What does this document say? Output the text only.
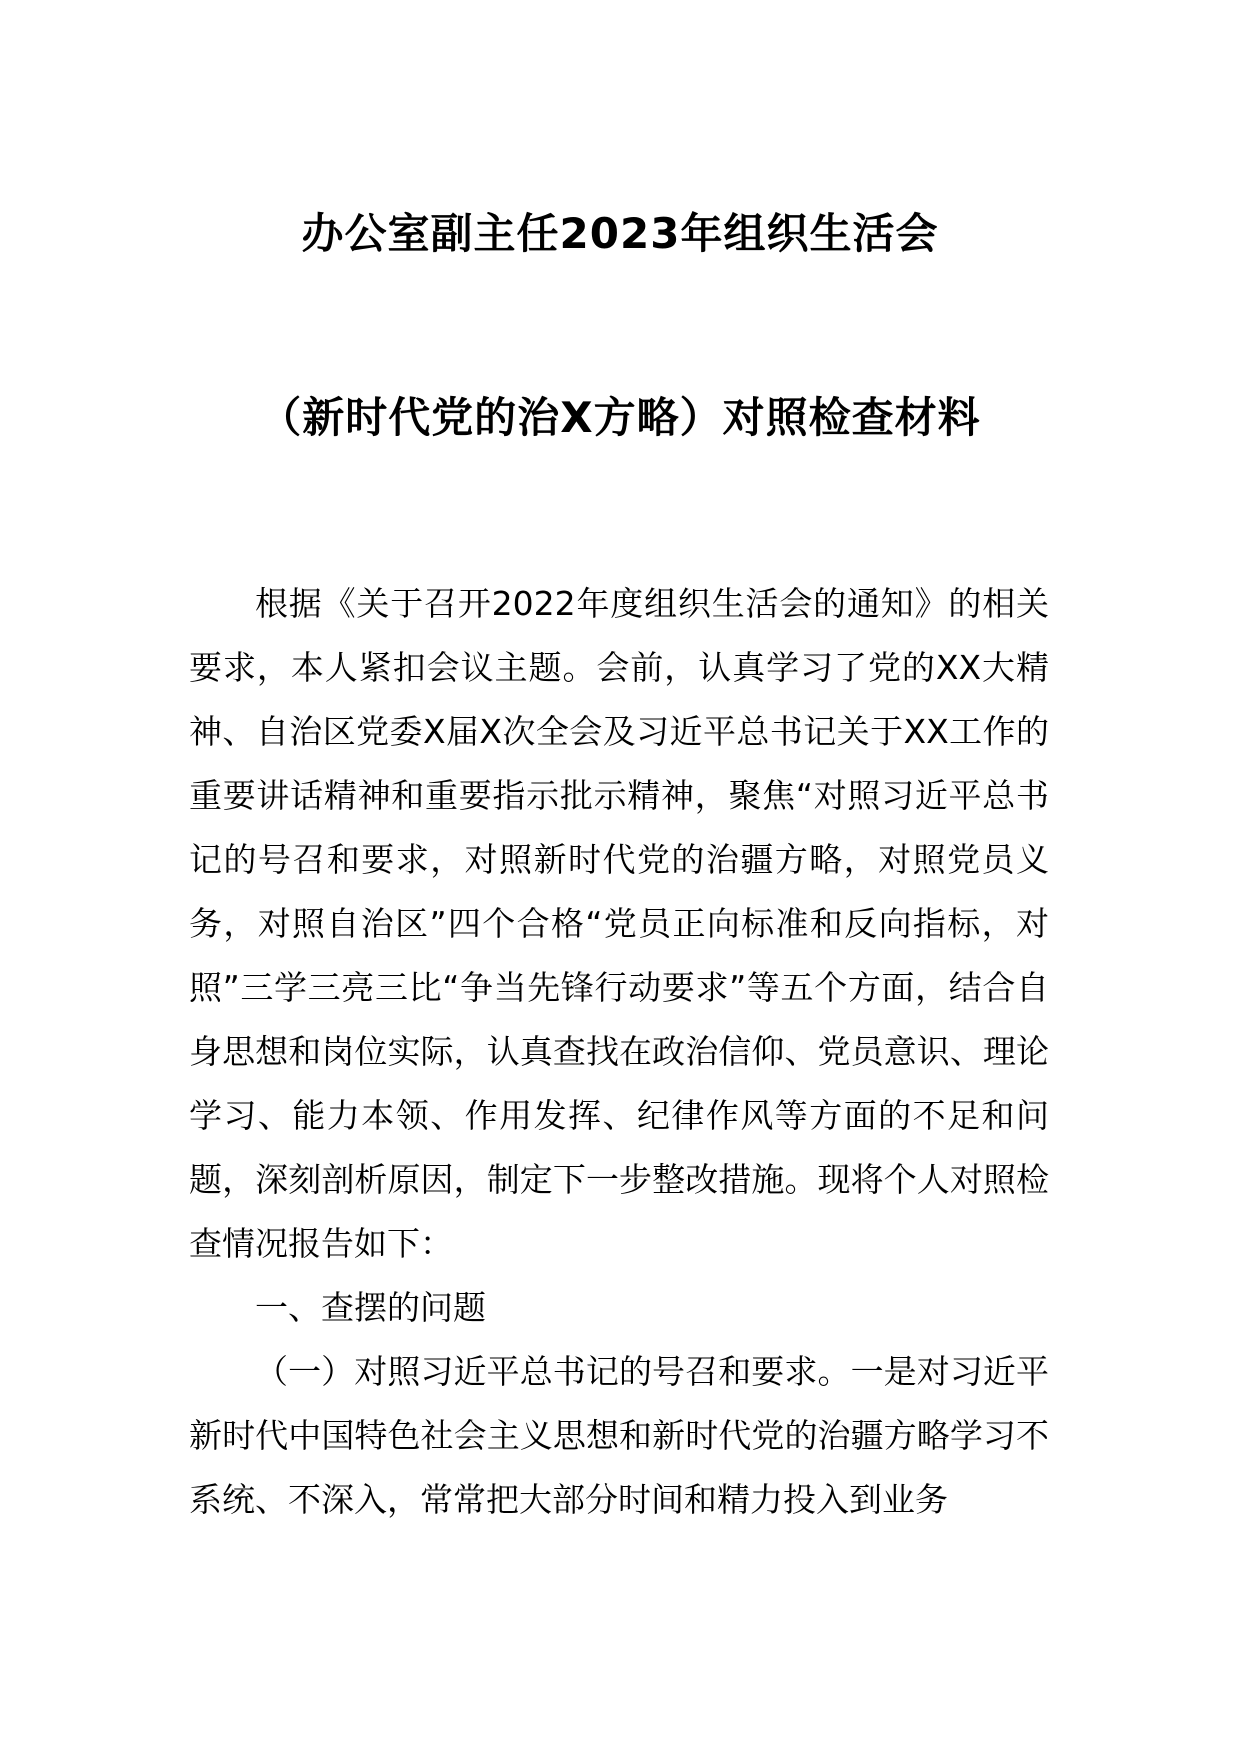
办公室副主任2023年组织生活会
（新时代党的治X方略）对照检查材料
根据《关于召开2022年度组织生活会的通知》的相关要求，本人紧扣会议主题。会前，认真学习了党的XX大精神、自治区党委X届X次全会及习近平总书记关于XX工作的重要讲话精神和重要指示批示精神，聚焦“对照习近平总书记的号召和要求，对照新时代党的治疆方略，对照党员义务，对照自治区”四个合格“党员正向标准和反向指标，对照”三学三亮三比“争当先锋行动要求”等五个方面，结合自身思想和岗位实际，认真查找在政治信仰、党员意识、理论学习、能力本领、作用发挥、纪律作风等方面的不足和问题，深刻剖析原因，制定下一步整改措施。现将个人对照检查情况报告如下：
一、查摆的问题
（一）对照习近平总书记的号召和要求。一是对习近平新时代中国特色社会主义思想和新时代党的治疆方略学习不系统、不深入，常常把大部分时间和精力投入到业务
